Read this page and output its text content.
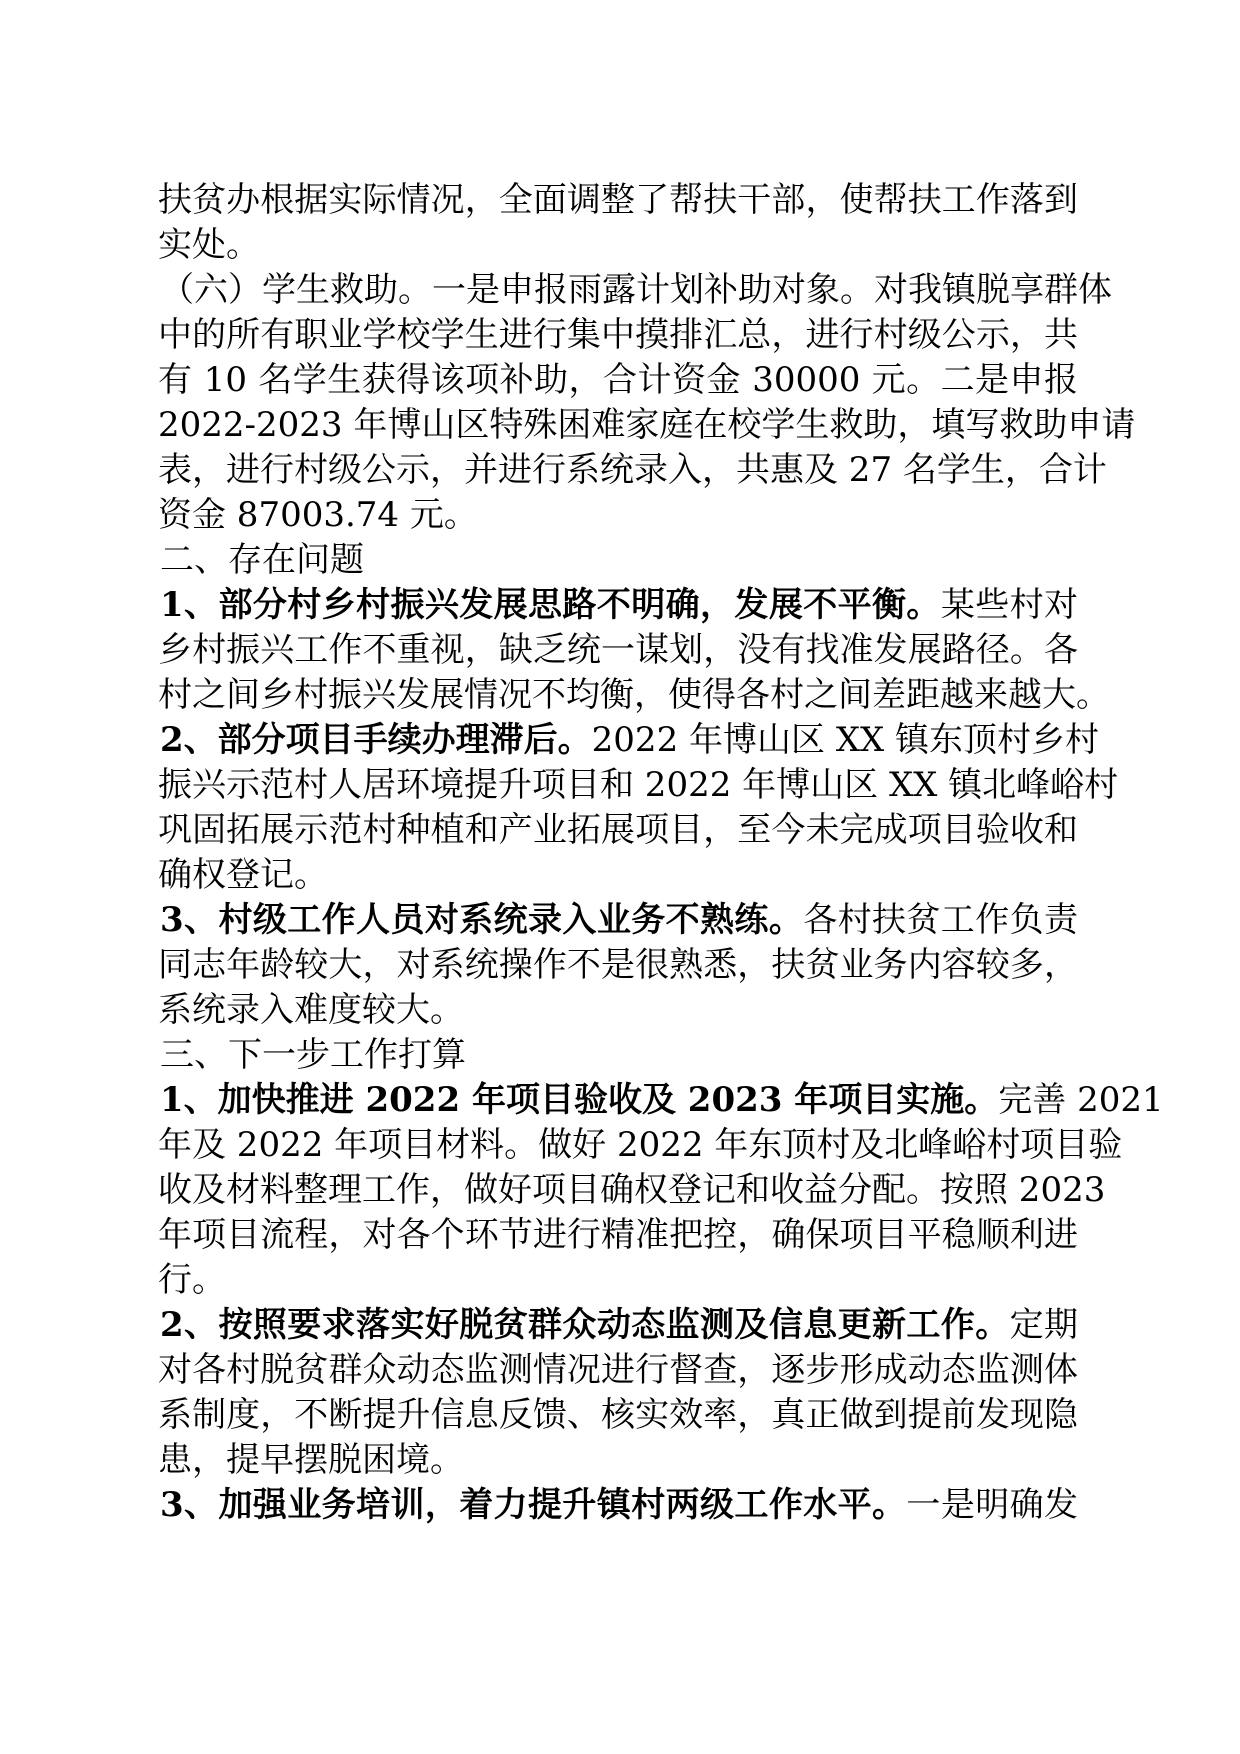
扶贫办根据实际情况，全面调整了帮扶干部，使帮扶工作落到
实处。
（六）学生救助。一是申报雨露计划补助对象。对我镇脱享群体
中的所有职业学校学生进行集中摸排汇总，进行村级公示，共
有 10 名学生获得该项补助，合计资金 30000 元。二是申报
2022-2023 年博山区特殊困难家庭在校学生救助，填写救助申请
表，进行村级公示，并进行系统录入，共惠及 27 名学生，合计
资金 87003.74 元。
二、存在问题
1、部分村乡村振兴发展思路不明确，发展不平衡。某些村对
乡村振兴工作不重视，缺乏统一谋划，没有找准发展路径。各
村之间乡村振兴发展情况不均衡，使得各村之间差距越来越大。
2、部分项目手续办理滞后。2022 年博山区 XX 镇东顶村乡村
振兴示范村人居环境提升项目和 2022 年博山区 XX 镇北峰峪村
巩固拓展示范村种植和产业拓展项目，至今未完成项目验收和
确权登记。
3、村级工作人员对系统录入业务不熟练。各村扶贫工作负责
同志年龄较大，对系统操作不是很熟悉，扶贫业务内容较多，
系统录入难度较大。
三、下一步工作打算
1、加快推进 2022 年项目验收及 2023 年项目实施。完善 2021
年及 2022 年项目材料。做好 2022 年东顶村及北峰峪村项目验
收及材料整理工作，做好项目确权登记和收益分配。按照 2023
年项目流程，对各个环节进行精准把控，确保项目平稳顺利进
行。
2、按照要求落实好脱贫群众动态监测及信息更新工作。定期
对各村脱贫群众动态监测情况进行督查，逐步形成动态监测体
系制度，不断提升信息反馈、核实效率，真正做到提前发现隐
患，提早摆脱困境。
3、加强业务培训，着力提升镇村两级工作水平。一是明确发
